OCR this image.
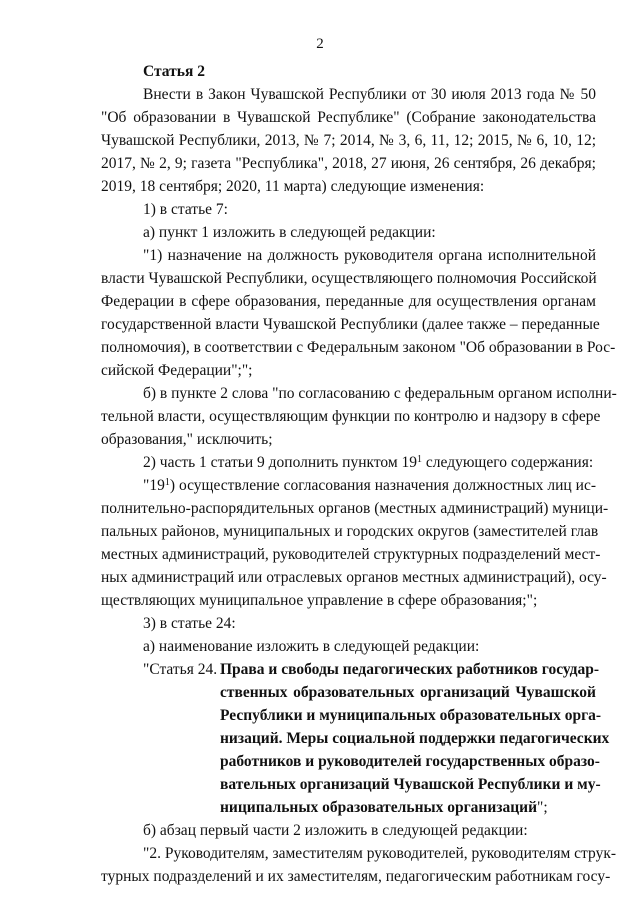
2
Статья 2
Внести в Закон Чувашской Республики от 30 июля 2013 года № 50
"Об образовании в Чувашской Республике" (Собрание законодательства
Чувашской Республики, 2013, № 7; 2014, № 3, 6, 11, 12; 2015, № 6, 10, 12;
2017, № 2, 9; газета "Республика", 2018, 27 июня, 26 сентября, 26 декабря;
2019, 18 сентября; 2020, 11 марта) следующие изменения:
1) в статье 7:
а) пункт 1 изложить в следующей редакции:
"1) назначение на должность руководителя органа исполнительной
власти Чувашской Республики, осуществляющего полномочия Российской
Федерации в сфере образования, переданные для осуществления органам
государственной власти Чувашской Республики (далее также – переданные
полномочия), в соответствии с Федеральным законом "Об образовании в Рос-
сийской Федерации";";
б) в пункте 2 слова "по согласованию с федеральным органом исполни-
тельной власти, осуществляющим функции по контролю и надзору в сфере
образования," исключить;
2) часть 1 статьи 9 дополнить пунктом $19^1$ следующего содержания:
"$19^1$) осуществление согласования назначения должностных лиц ис-
полнительно-распорядительных органов (местных администраций) муници-
пальных районов, муниципальных и городских округов (заместителей глав
местных администраций, руководителей структурных подразделений мест-
ных администраций или отраслевых органов местных администраций), осу-
ществляющих муниципальное управление в сфере образования;";
3) в статье 24:
а) наименование изложить в следующей редакции:
"Статья 24. Права и свободы педагогических работников государ-
ственных образовательных организаций Чувашской
Республики и муниципальных образовательных орга-
низаций. Меры социальной поддержки педагогических
работников и руководителей государственных образо-
вательных организаций Чувашской Республики и му-
ниципальных образовательных организаций";
б) абзац первый части 2 изложить в следующей редакции:
"2. Руководителям, заместителям руководителей, руководителям струк-
турных подразделений и их заместителям, педагогическим работникам госу-
